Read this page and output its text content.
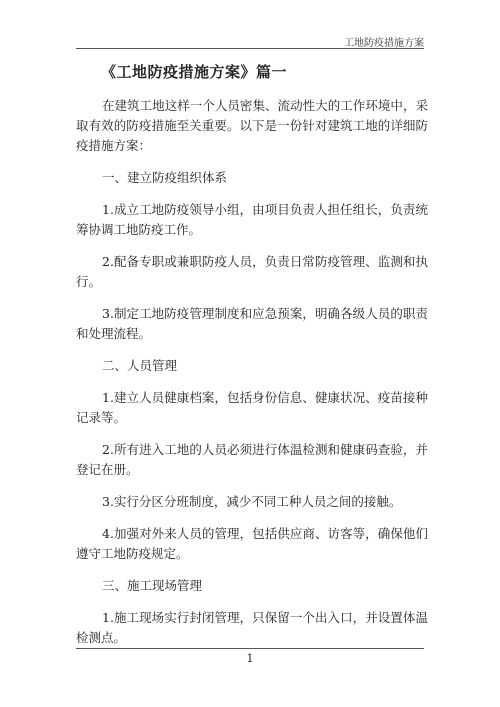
工地防疫措施方案
《工地防疫措施方案》篇一

在建筑工地这样一个人员密集、流动性大的工作环境中，采取有效的防疫措施至关重要。以下是一份针对建筑工地的详细防疫措施方案：

一、建立防疫组织体系

1.成立工地防疫领导小组，由项目负责人担任组长，负责统筹协调工地防疫工作。

2.配备专职或兼职防疫人员，负责日常防疫管理、监测和执行。

3.制定工地防疫管理制度和应急预案，明确各级人员的职责和处理流程。

二、人员管理

1.建立人员健康档案，包括身份信息、健康状况、疫苗接种记录等。

2.所有进入工地的人员必须进行体温检测和健康码查验，并登记在册。

3.实行分区分班制度，减少不同工种人员之间的接触。

4.加强对外来人员的管理，包括供应商、访客等，确保他们遵守工地防疫规定。

三、施工现场管理

1.施工现场实行封闭管理，只保留一个出入口，并设置体温检测点。

1
